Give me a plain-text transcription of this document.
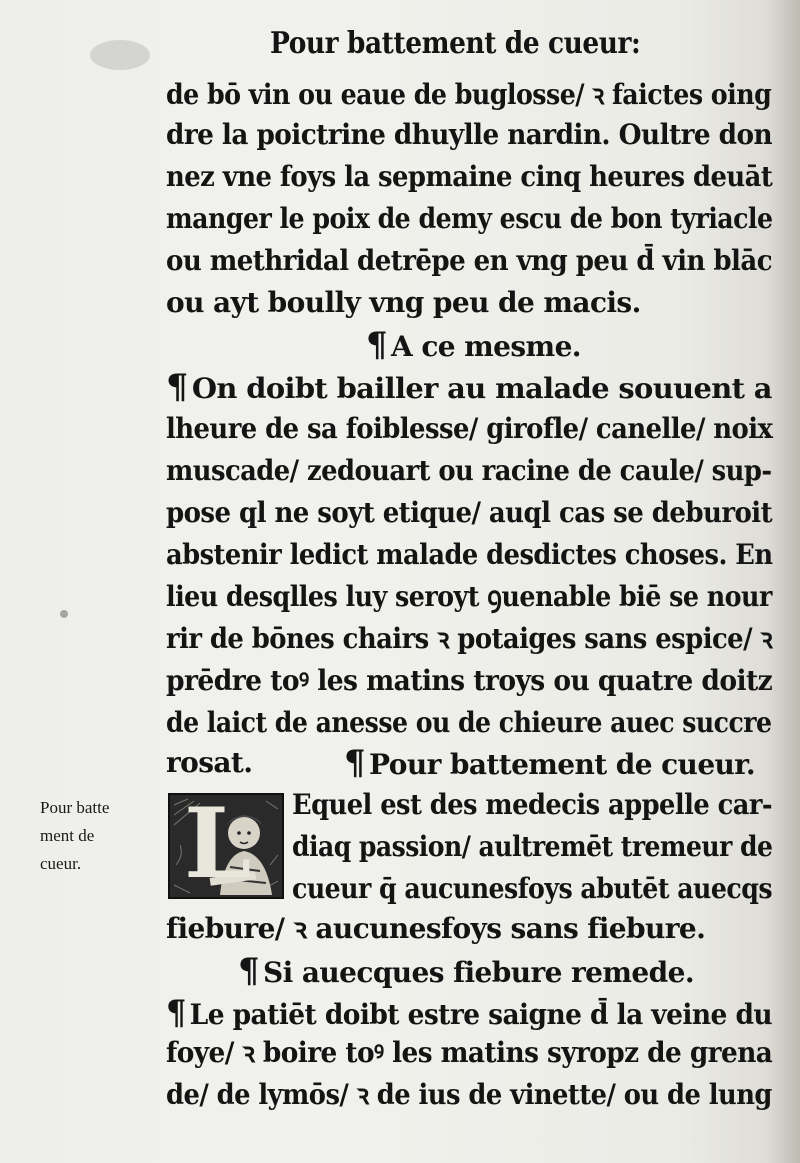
Pour battement de cueur:
de bō vin ou eaue de buglosse/ ꝛ faictes oing
dre la poictrine dhuylle nardin. Oultre don
nez vne foys la sepmaine cinq heures deuāt
manger le poix de demy escu de bon tyriacle
ou methridal detrēpe en vng peu d̄ vin blāc
ou ayt boully vng peu de macis.
¶ A ce mesme.
¶ On doibt bailler au malade souuent a
lheure de sa foiblesse/ girofle/ canelle/ noix
muscade/ zedouart ou racine de caule/ sup-
pose ql ne soyt etique/ auql cas se deburoit
abstenir ledict malade desdictes choses. En
lieu desqlles luy seroyt ꝯuenable biē se nour
rir de bōnes chairs ꝛ potaiges sans espice/ ꝛ
prēdre toꝰ les matins troys ou quatre doitz
de laict de anesse ou de chieure auec succre
rosat.	¶ Pour battement de cueur.
Pour batte
ment de
cueur.	L Equel est des medecis appelle car-
diaq passion/ aultremēt tremeur de
cueur q̄ aucunesfoys abutēt auecqs
fiebure/ ꝛ aucunesfoys sans fiebure.
¶ Si auecques fiebure remede.
¶ Le patiēt doibt estre saigne d̄ la veine du
foye/ ꝛ boire toꝰ les matins syropz de grena
de/ de lymōs/ ꝛ de ius de vinette/ ou de lung
